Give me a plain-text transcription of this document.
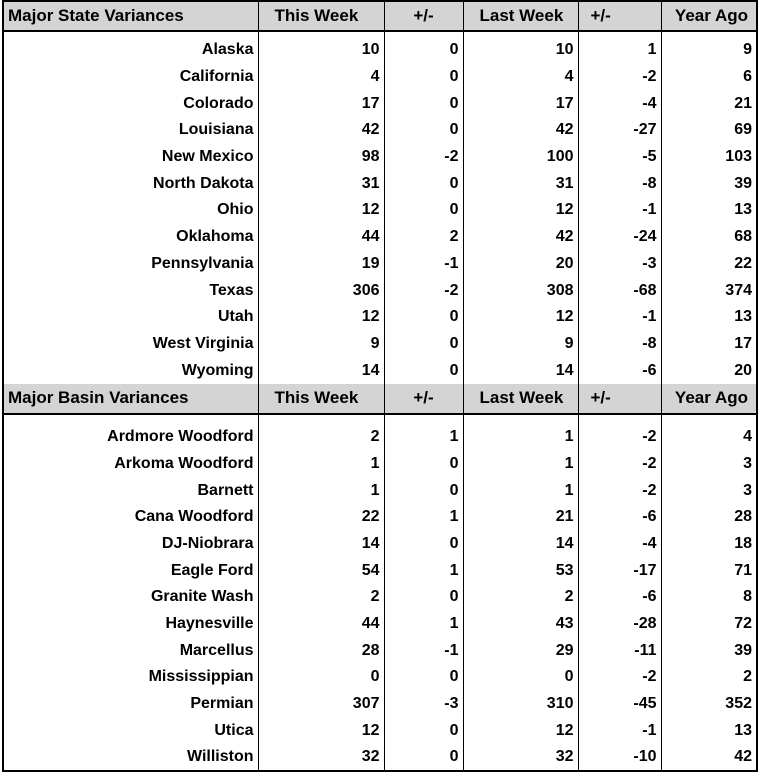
Major State Variances	This Week	+/-	Last Week	+/-	Year Ago

Alaska	10	0	10	1	9
California	4	0	4	-2	6
Colorado	17	0	17	-4	21
Louisiana	42	0	42	-27	69
New Mexico	98	-2	100	-5	103
North Dakota	31	0	31	-8	39
Ohio	12	0	12	-1	13
Oklahoma	44	2	42	-24	68
Pennsylvania	19	-1	20	-3	22
Texas	306	-2	308	-68	374
Utah	12	0	12	-1	13
West Virginia	9	0	9	-8	17
Wyoming	14	0	14	-6	20
Major Basin Variances	This Week	+/-	Last Week	+/-	Year Ago

Ardmore Woodford	2	1	1	-2	4
Arkoma Woodford	1	0	1	-2	3
Barnett	1	0	1	-2	3
Cana Woodford	22	1	21	-6	28
DJ-Niobrara	14	0	14	-4	18
Eagle Ford	54	1	53	-17	71
Granite Wash	2	0	2	-6	8
Haynesville	44	1	43	-28	72
Marcellus	28	-1	29	-11	39
Mississippian	0	0	0	-2	2
Permian	307	-3	310	-45	352
Utica	12	0	12	-1	13
Williston	32	0	32	-10	42
